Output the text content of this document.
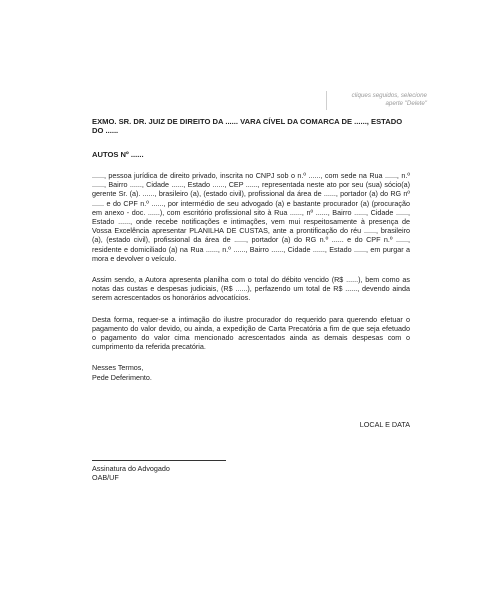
cliques seguidos, selecione
aperte "Delete"

EXMO. SR. DR. JUIZ DE DIREITO DA ...... VARA CÍVEL DA COMARCA DE ......, ESTADO DO ......

AUTOS Nº ......

......, pessoa jurídica de direito privado, inscrita no CNPJ sob o n.º ......, com sede na Rua ......, n.º ......, Bairro ......, Cidade ......, Estado ......, CEP ......, representada neste ato por seu (sua) sócio(a) gerente Sr. (a). ......, brasileiro (a), (estado civil), profissional da área de ......, portador (a) do RG nº ...... e do CPF n.º ......, por intermédio de seu advogado (a) e bastante procurador (a) (procuração em anexo - doc. ......), com escritório profissional sito à Rua ......, nº ......, Bairro ......, Cidade ......, Estado ......, onde recebe notificações e intimações, vem mui respeitosamente à presença de Vossa Excelência apresentar PLANILHA DE CUSTAS, ante a prontificação do réu ......, brasileiro (a), (estado civil), profissional da área de ......, portador (a) do RG n.º ...... e do CPF n.º ......, residente e domiciliado (a) na Rua ......, n.º ......, Bairro ......, Cidade ......, Estado ......, em purgar a mora e devolver o veículo.

Assim sendo, a Autora apresenta planilha com o total do débito vencido (R$ ......), bem como as notas das custas e despesas judiciais, (R$ ......), perfazendo um total de R$ ......, devendo ainda serem acrescentados os honorários advocatícios.

Desta forma, requer-se a intimação do ilustre procurador do requerido para querendo efetuar o pagamento do valor devido, ou ainda, a expedição de Carta Precatória a fim de que seja efetuado o pagamento do valor cima mencionado acrescentados ainda as demais despesas com o cumprimento da referida precatória.

Nesses Termos,
Pede Deferimento.
LOCAL E DATA
Assinatura do Advogado
OAB/UF
